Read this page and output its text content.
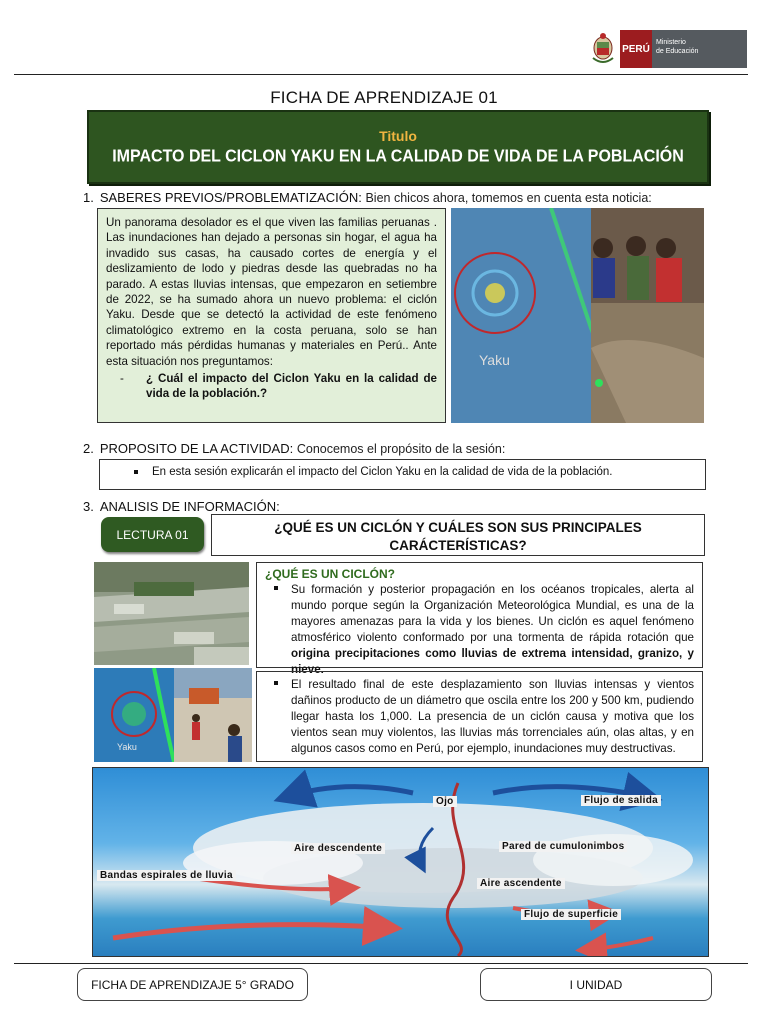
PERÚ
Ministerio
de Educación
FICHA DE APRENDIZAJE 01
Titulo
IMPACTO DEL CICLON YAKU EN LA CALIDAD DE VIDA DE LA POBLACIÓN
1. SABERES PREVIOS/PROBLEMATIZACIÓN: Bien chicos ahora, tomemos en cuenta esta noticia:
Un panorama desolador es el que viven las familias peruanas . Las inundaciones han dejado a personas sin hogar, el agua ha invadido sus casas, ha causado cortes de energía y el deslizamiento de lodo y piedras desde las quebradas no ha parado. A estas lluvias intensas, que empezaron en setiembre de 2022, se ha sumado ahora un nuevo problema: el ciclón Yaku. Desde que se detectó la actividad de este fenómeno climatológico extremo en la costa peruana, solo se han reportado más pérdidas humanas y materiales en Perú.. Ante esta situación nos preguntamos:
-	¿ Cuál el impacto del Ciclon Yaku en la calidad de vida de la población.?
Yaku
2. PROPOSITO DE LA ACTIVIDAD: Conocemos el propósito de la sesión:
En esta sesión explicarán el impacto del Ciclon Yaku en la calidad de vida de la población.
3. ANALISIS DE INFORMACIÓN:
LECTURA 01	¿QUÉ ES UN CICLÓN Y CUÁLES SON SUS PRINCIPALES CARÁCTERÍSTICAS?
Yaku
¿QUÉ ES UN CICLÓN?
Su formación y posterior propagación en los océanos tropicales, alerta al mundo porque según la Organización Meteorológica Mundial, es una de la mayores amenazas para la vida y los bienes. Un ciclón es aquel fenómeno atmosférico violento conformado por una tormenta de rápida rotación que origina precipitaciones como lluvias de extrema intensidad, granizo, y nieve.
El resultado final de este desplazamiento son lluvias intensas y vientos dañinos producto de un diámetro que oscila entre los 200 y 500 km, pudiendo llegar hasta los 1,000. La presencia de un ciclón causa y motiva que los vientos sean muy violentos, las lluvias más torrenciales aún, olas altas, y en algunos casos como en Perú, por ejemplo, inundaciones muy destructivas.
Ojo	Flujo de salida
Aire descendente	Pared de cumulonimbos
Bandas espirales de lluvia
Aire ascendente
Flujo de superficie
FICHA DE APRENDIZAJE 5° GRADO	I UNIDAD
